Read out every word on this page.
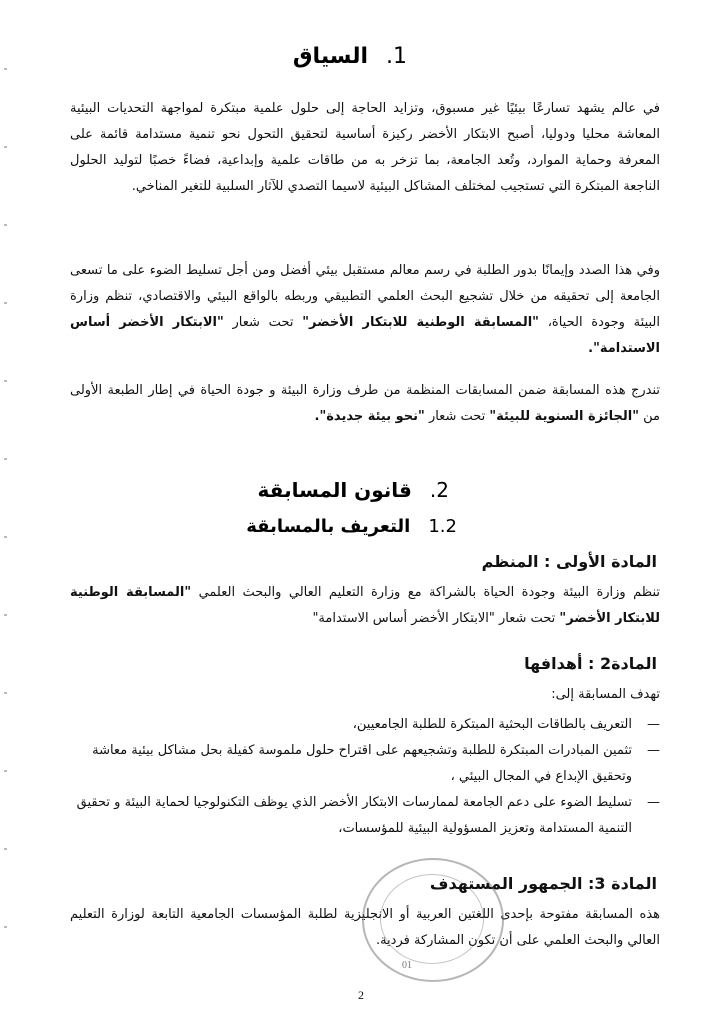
1.السياق

في عالم يشهد تسارعًا بيئيًا غير مسبوق، وتزايد الحاجة إلى حلول علمية مبتكرة لمواجهة التحديات البيئية المعاشة محليا ودوليا، أصبح الابتكار الأخضر ركيزة أساسية لتحقيق التحول نحو تنمية مستدامة قائمة على المعرفة وحماية الموارد، وتُعد الجامعة، بما تزخر به من طاقات علمية وإبداعية، فضاءً خصبًا لتوليد الحلول الناجعة المبتكرة التي تستجيب لمختلف المشاكل البيئية لاسيما التصدي للآثار السلبية للتغير المناخي.

وفي هذا الصدد وإيمانًا بدور الطلبة في رسم معالم مستقبل بيئي أفضل ومن أجل تسليط الضوء على ما تسعى الجامعة إلى تحقيقه من خلال تشجيع البحث العلمي التطبيقي وربطه بالواقع البيئي والاقتصادي، تنظم وزارة البيئة وجودة الحياة، "المسابقة الوطنية للابتكار الأخضر" تحت شعار "الابتكار الأخضر أساس الاستدامة".

تندرج هذه المسابقة ضمن المسابقات المنظمة من طرف وزارة البيئة و جودة الحياة في إطار الطبعة الأولى من "الجائزة السنوية للبيئة" تحت شعار "نحو بيئة جديدة".

2.قانون المسابقة
1.2التعريف بالمسابقة
المادة الأولى : المنظم

تنظم وزارة البيئة وجودة الحياة بالشراكة مع وزارة التعليم العالي والبحث العلمي "المسابقة الوطنية للابتكار الأخضر" تحت شعار "الابتكار الأخضر أساس الاستدامة"

المادة2 : أهدافها

تهدف المسابقة إلى:

— التعريف بالطاقات البحثية المبتكرة للطلبة الجامعيين،
— تثمين المبادرات المبتكرة للطلبة وتشجيعهم على اقتراح حلول ملموسة كفيلة بحل مشاكل بيئية معاشة وتحقيق الإبداع في المجال البيئي ،
— تسليط الضوء على دعم الجامعة لممارسات الابتكار الأخضر الذي يوظف التكنولوجيا لحماية البيئة و تحقيق التنمية المستدامة وتعزيز المسؤولية البيئية للمؤسسات،
المادة 3: الجمهور المستهدف

هذه المسابقة مفتوحة بإحدى اللغتين العربية أو الانجليزية لطلبة المؤسسات الجامعية التابعة لوزارة التعليم العالي والبحث العلمي على أن تكون المشاركة فردية.

01
2
